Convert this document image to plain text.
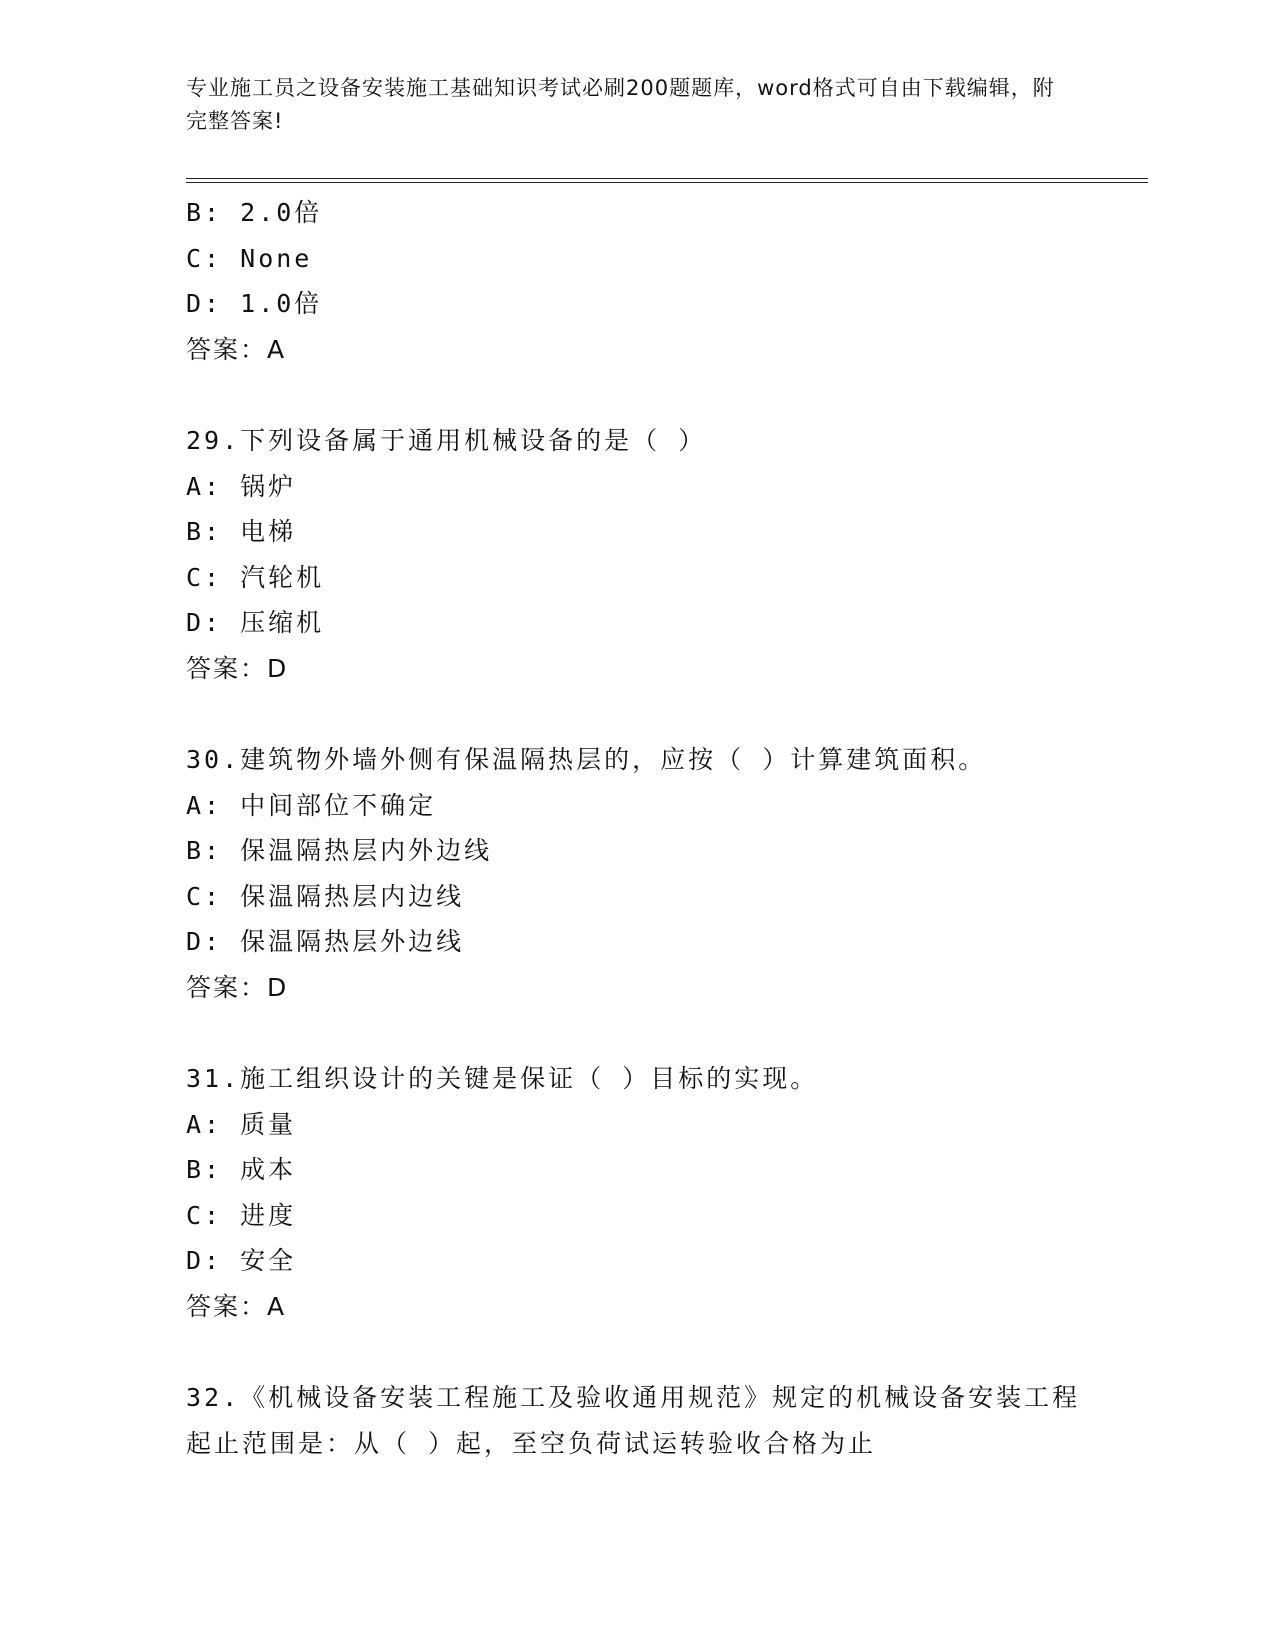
专业施工员之设备安装施工基础知识考试必刷200题题库，word格式可自由下载编辑，附完整答案!
B: 2.0倍
C: None
D: 1.0倍
答案：A
29.下列设备属于通用机械设备的是（ ）
A: 锅炉
B: 电梯
C: 汽轮机
D: 压缩机
答案：D
30.建筑物外墙外侧有保温隔热层的，应按（ ）计算建筑面积。
A: 中间部位不确定
B: 保温隔热层内外边线
C: 保温隔热层内边线
D: 保温隔热层外边线
答案：D
31.施工组织设计的关键是保证（ ）目标的实现。
A: 质量
B: 成本
C: 进度
D: 安全
答案：A
32.《机械设备安装工程施工及验收通用规范》规定的机械设备安装工程起止范围是：从（ ）起，至空负荷试运转验收合格为止
